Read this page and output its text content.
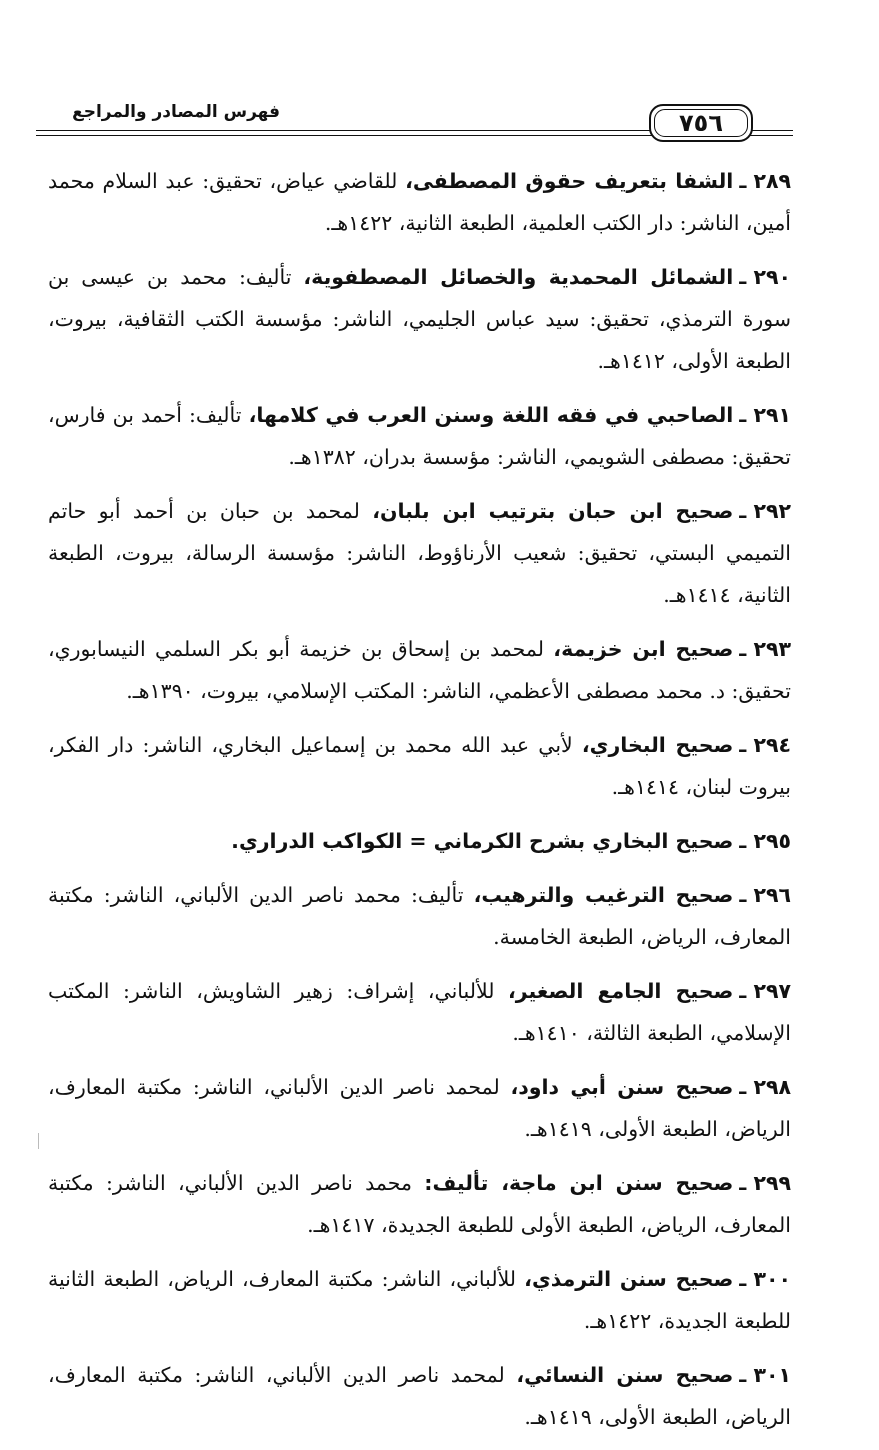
٧٥٦
فهرس المصادر والمراجع

٢٨٩ ـالشفا بتعريف حقوق المصطفى، للقاضي عياض، تحقيق: عبد السلام محمد أمين، الناشر: دار الكتب العلمية، الطبعة الثانية، ١٤٢٢هـ.

٢٩٠ ـالشمائل المحمدية والخصائل المصطفوية، تأليف: محمد بن عيسى بن سورة الترمذي، تحقيق: سيد عباس الجليمي، الناشر: مؤسسة الكتب الثقافية، بيروت، الطبعة الأولى، ١٤١٢هـ.

٢٩١ ـالصاحبي في فقه اللغة وسنن العرب في كلامها، تأليف: أحمد بن فارس، تحقيق: مصطفى الشويمي، الناشر: مؤسسة بدران، ١٣٨٢هـ.

٢٩٢ ـصحيح ابن حبان بترتيب ابن بلبان، لمحمد بن حبان بن أحمد أبو حاتم التميمي البستي، تحقيق: شعيب الأرناؤوط، الناشر: مؤسسة الرسالة، بيروت، الطبعة الثانية، ١٤١٤هـ.

٢٩٣ ـصحيح ابن خزيمة، لمحمد بن إسحاق بن خزيمة أبو بكر السلمي النيسابوري، تحقيق: د. محمد مصطفى الأعظمي، الناشر: المكتب الإسلامي، بيروت، ١٣٩٠هـ.

٢٩٤ ـصحيح البخاري، لأبي عبد الله محمد بن إسماعيل البخاري، الناشر: دار الفكر، بيروت لبنان، ١٤١٤هـ.

٢٩٥ ـصحيح البخاري بشرح الكرماني = الكواكب الدراري.

٢٩٦ ـصحيح الترغيب والترهيب، تأليف: محمد ناصر الدين الألباني، الناشر: مكتبة المعارف، الرياض، الطبعة الخامسة.

٢٩٧ ـصحيح الجامع الصغير، للألباني، إشراف: زهير الشاويش، الناشر: المكتب الإسلامي، الطبعة الثالثة، ١٤١٠هـ.

٢٩٨ ـصحيح سنن أبي داود، لمحمد ناصر الدين الألباني، الناشر: مكتبة المعارف، الرياض، الطبعة الأولى، ١٤١٩هـ.

٢٩٩ ـصحيح سنن ابن ماجة، تأليف: محمد ناصر الدين الألباني، الناشر: مكتبة المعارف، الرياض، الطبعة الأولى للطبعة الجديدة، ١٤١٧هـ.

٣٠٠ ـصحيح سنن الترمذي، للألباني، الناشر: مكتبة المعارف، الرياض، الطبعة الثانية للطبعة الجديدة، ١٤٢٢هـ.

٣٠١ ـصحيح سنن النسائي، لمحمد ناصر الدين الألباني، الناشر: مكتبة المعارف، الرياض، الطبعة الأولى، ١٤١٩هـ.
